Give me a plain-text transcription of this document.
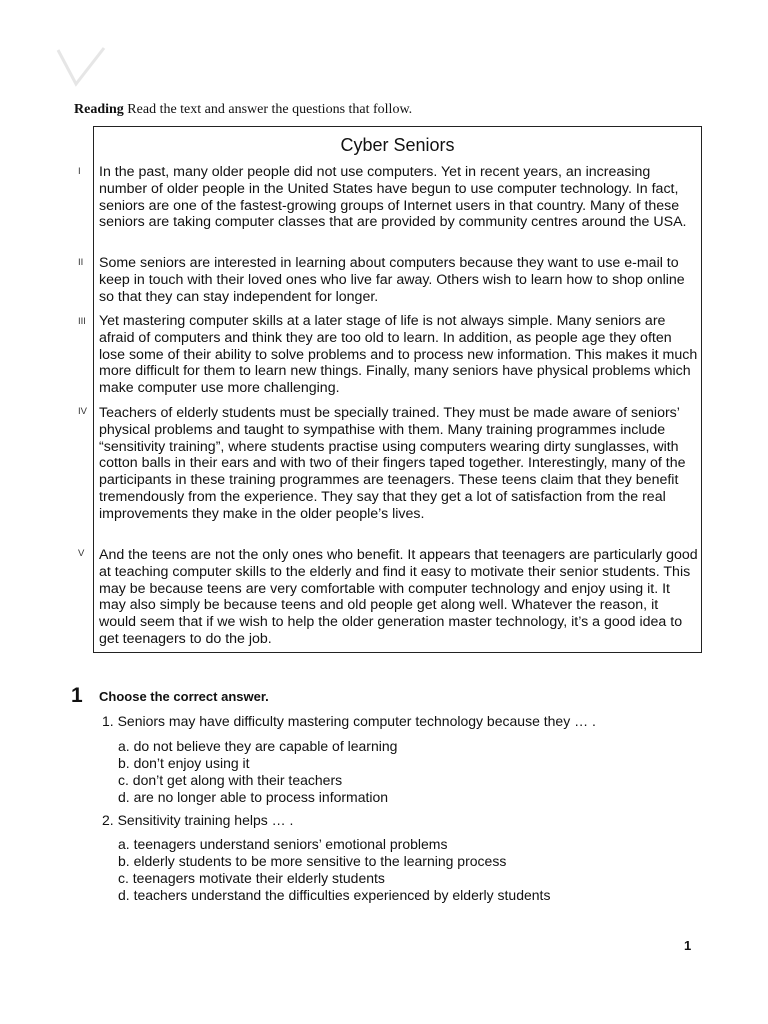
Reading Read the text and answer the questions that follow.
Cyber Seniors

In the past, many older people did not use computers. Yet in recent years, an increasing number of older people in the United States have begun to use computer technology. In fact, seniors are one of the fastest-growing groups of Internet users in that country. Many of these seniors are taking computer classes that are provided by community centres around the USA.

Some seniors are interested in learning about computers because they want to use e-mail to keep in touch with their loved ones who live far away. Others wish to learn how to shop online so that they can stay independent for longer.

Yet mastering computer skills at a later stage of life is not always simple. Many seniors are afraid of computers and think they are too old to learn. In addition, as people age they often lose some of their ability to solve problems and to process new information. This makes it much more difficult for them to learn new things. Finally, many seniors have physical problems which make computer use more challenging.

Teachers of elderly students must be specially trained. They must be made aware of seniors’ physical problems and taught to sympathise with them. Many training programmes include “sensitivity training”, where students practise using computers wearing dirty sunglasses, with cotton balls in their ears and with two of their fingers taped together. Interestingly, many of the participants in these training programmes are teenagers. These teens claim that they benefit tremendously from the experience. They say that they get a lot of satisfaction from the real improvements they make in the older people’s lives.

And the teens are not the only ones who benefit. It appears that teenagers are particularly good at teaching computer skills to the elderly and find it easy to motivate their senior students. This may be because teens are very comfortable with computer technology and enjoy using it. It may also simply be because teens and old people get along well. Whatever the reason, it would seem that if we wish to help the older generation master technology, it’s a good idea to get teenagers to do the job.

I
II
III
IV
V
1 Choose the correct answer.
1. Seniors may have difficulty mastering computer technology because they … .
a. do not believe they are capable of learning
b. don’t enjoy using it
c. don’t get along with their teachers
d. are no longer able to process information
2. Sensitivity training helps … .
a. teenagers understand seniors’ emotional problems
b. elderly students to be more sensitive to the learning process
c. teenagers motivate their elderly students
d. teachers understand the difficulties experienced by elderly students
1
